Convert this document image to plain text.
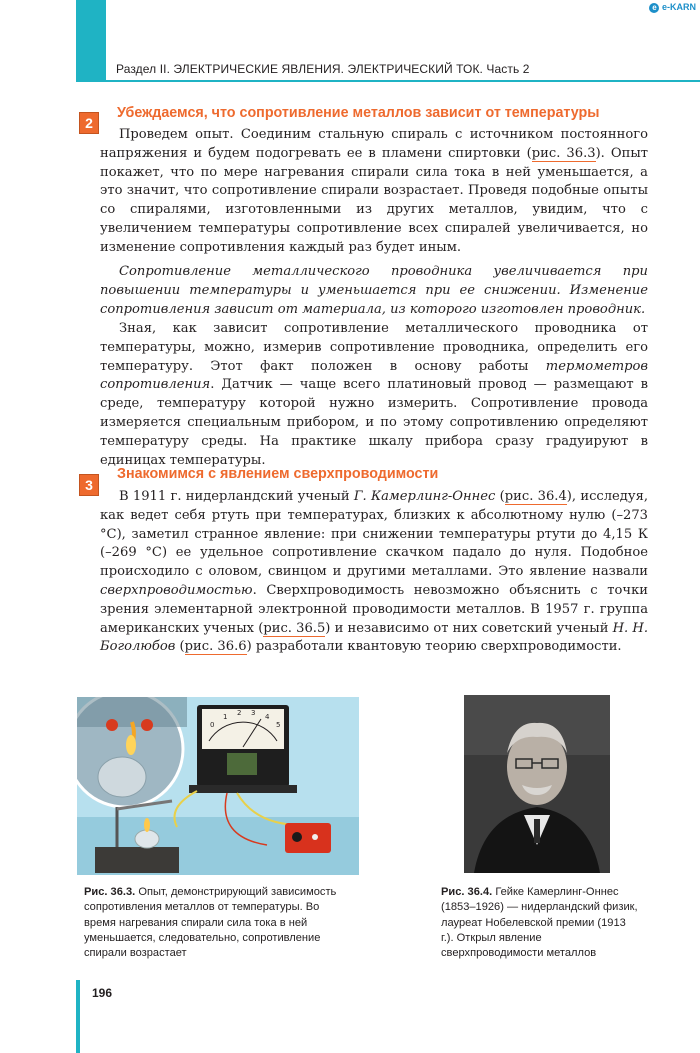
Раздел II. ЭЛЕКТРИЧЕСКИЕ ЯВЛЕНИЯ. ЭЛЕКТРИЧЕСКИЙ ТОК. Часть 2
e e-KARN
2
Убеждаемся, что сопротивление металлов зависит от температуры

Проведем опыт. Соединим стальную спираль с источником постоянного напряжения и будем подогревать ее в пламени спиртовки (рис. 36.3). Опыт покажет, что по мере нагревания спирали сила тока в ней уменьшается, а это значит, что сопротивление спирали возрастает. Проведя подобные опыты со спиралями, изготовленными из других металлов, увидим, что с увеличением температуры сопротивление всех спиралей увеличивается, но изменение сопротивления каждый раз будет иным.

Сопротивление металлического проводника увеличивается при повышении температуры и уменьшается при ее снижении. Изменение сопротивления зависит от материала, из которого изготовлен проводник.

Зная, как зависит сопротивление металлического проводника от температуры, можно, измерив сопротивление проводника, определить его температуру. Этот факт положен в основу работы термометров сопротивления. Датчик — чаще всего платиновый провод — размещают в среде, температуру которой нужно измерить. Сопротивление провода измеряется специальным прибором, и по этому сопротивлению определяют температуру среды. На практике шкалу прибора сразу градуируют в единицах температуры.

3
Знакомимся с явлением сверхпроводимости

В 1911 г. нидерландский ученый Г. Камерлинг-Оннес (рис. 36.4), исследуя, как ведет себя ртуть при температурах, близких к абсолютному нулю (–273 °С), заметил странное явление: при снижении температуры ртути до 4,15 К (–269 °С) ее удельное сопротивление скачком падало до нуля. Подобное происходило с оловом, свинцом и другими металлами. Это явление назвали сверхпроводимостью. Сверхпроводимость невозможно объяснить с точки зрения элементарной электронной проводимости металлов. В 1957 г. группа американских ученых (рис. 36.5) и независимо от них советский ученый Н. Н. Боголюбов (рис. 36.6) разработали квантовую теорию сверхпроводимости.

0
1 2 3 4
5

Рис. 36.3. Опыт, демонстрирующий зависимость сопротивления металлов от температуры. Во время нагревания спирали сила тока в ней уменьшается, следовательно, сопротивление спирали возрастает

Рис. 36.4. Гейке Камерлинг-Оннес (1853–1926) — нидерландский физик, лауреат Нобелевской премии (1913 г.). Открыл явление сверхпроводимости металлов

196
